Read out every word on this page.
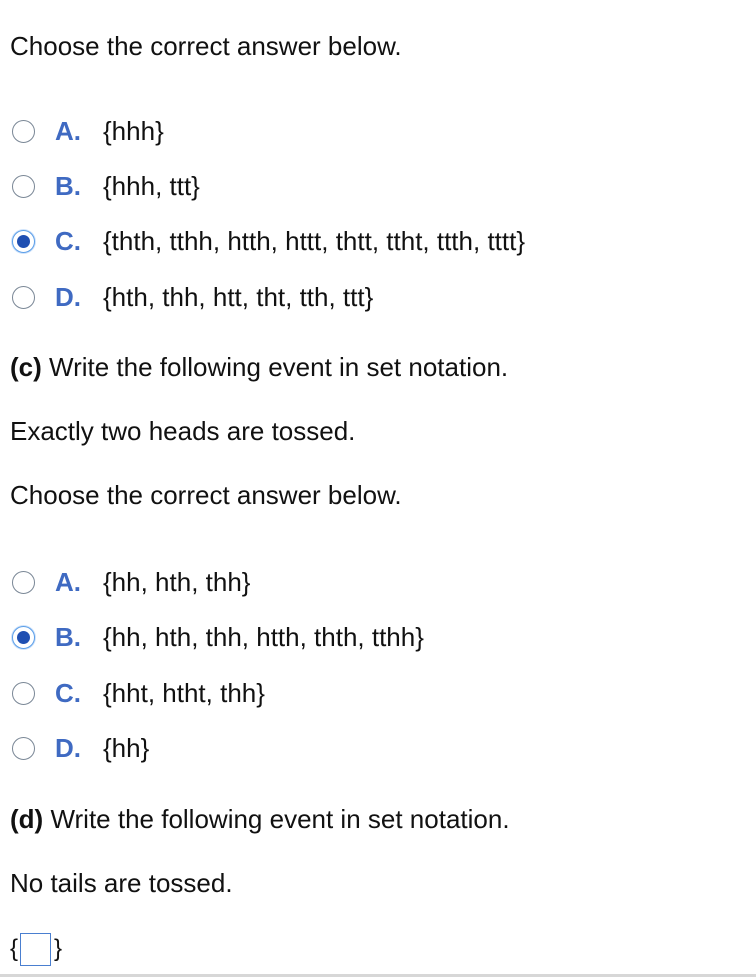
Choose the correct answer below.
A. {hhh}
B. {hhh, ttt}
C. {thth, tthh, htth, httt, thtt, ttht, ttth, tttt}
D. {hth, thh, htt, tht, tth, ttt}
(c) Write the following event in set notation.
Exactly two heads are tossed.
Choose the correct answer below.
A. {hh, hth, thh}
B. {hh, hth, thh, htth, thth, tthh}
C. {hht, htht, thh}
D. {hh}
(d) Write the following event in set notation.
No tails are tossed.
{ }
